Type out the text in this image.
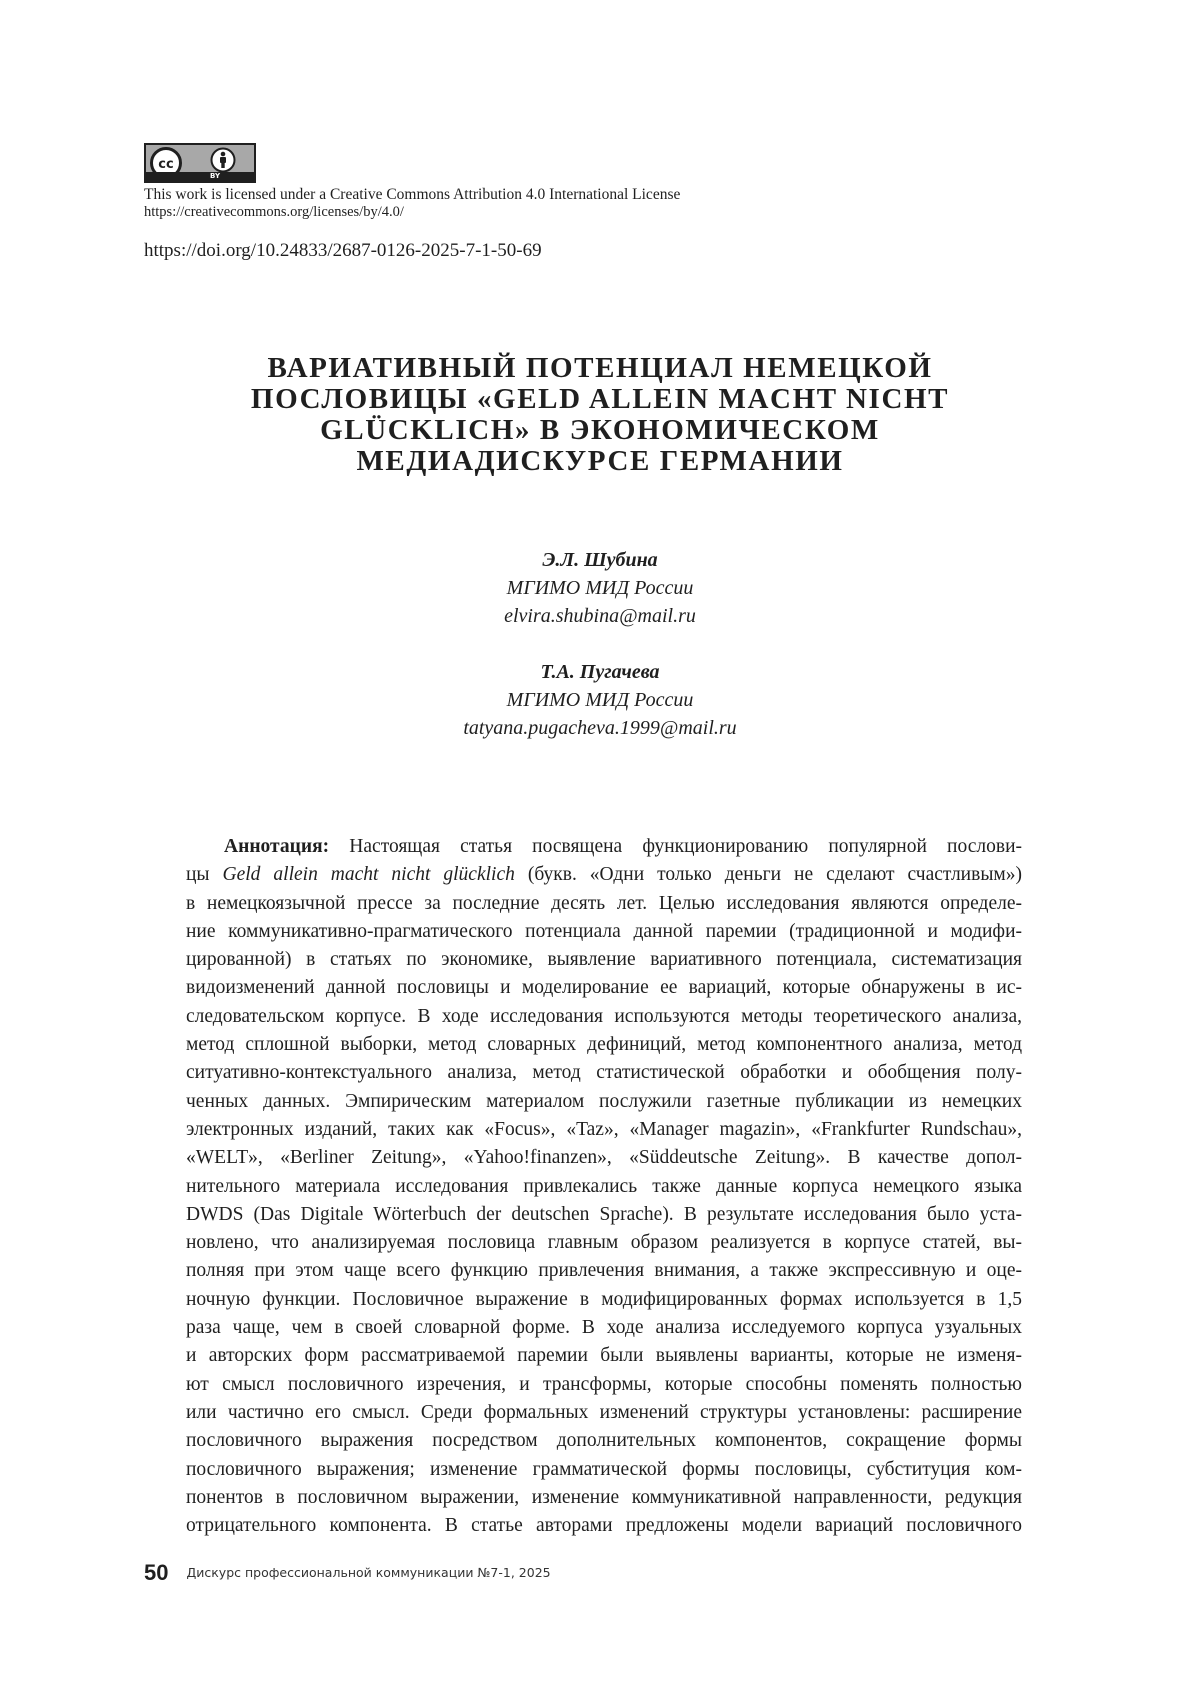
cc
BY
This work is licensed under a Creative Commons Attribution 4.0 International License
https://creativecommons.org/licenses/by/4.0/
https://doi.org/10.24833/2687-0126-2025-7-1-50-69
ВАРИАТИВНЫЙ ПОТЕНЦИАЛ НЕМЕЦКОЙ
ПОСЛОВИЦЫ «GELD ALLEIN MACHT NICHT
GLÜCKLICH» В ЭКОНОМИЧЕСКОМ
МЕДИАДИСКУРСЕ ГЕРМАНИИ
Э.Л. Шубина
МГИМО МИД России
elvira.shubina@mail.ru
Т.А. Пугачева
МГИМО МИД России
tatyana.pugacheva.1999@mail.ru
Аннотация: Настоящая статья посвящена функционированию популярной послови-
цы Geld allein macht nicht glücklich (букв. «Одни только деньги не сделают счастливым»)
в немецкоязычной прессе за последние десять лет. Целью исследования являются определе-
ние коммуникативно-прагматического потенциала данной паремии (традиционной и модифи-
цированной) в статьях по экономике, выявление вариативного потенциала, систематизация
видоизменений данной пословицы и моделирование ее вариаций, которые обнаружены в ис-
следовательском корпусе. В ходе исследования используются методы теоретического анализа,
метод сплошной выборки, метод словарных дефиниций, метод компонентного анализа, метод
ситуативно-контекстуального анализа, метод статистической обработки и обобщения полу-
ченных данных. Эмпирическим материалом послужили газетные публикации из немецких
электронных изданий, таких как «Focus», «Taz», «Manager magazin», «Frankfurter Rundschau»,
«WELT», «Berliner Zeitung», «Yahoo!finanzen», «Süddeutsche Zeitung». В качестве допол-
нительного материала исследования привлекались также данные корпуса немецкого языка
DWDS (Das Digitale Wörterbuch der deutschen Sprache). В результате исследования было уста-
новлено, что анализируемая пословица главным образом реализуется в корпусе статей, вы-
полняя при этом чаще всего функцию привлечения внимания, а также экспрессивную и оце-
ночную функции. Пословичное выражение в модифицированных формах используется в 1,5
раза чаще, чем в своей словарной форме. В ходе анализа исследуемого корпуса узуальных
и авторских форм рассматриваемой паремии были выявлены варианты, которые не изменя-
ют смысл пословичного изречения, и трансформы, которые способны поменять полностью
или частично его смысл. Среди формальных изменений структуры установлены: расширение
пословичного выражения посредством дополнительных компонентов, сокращение формы
пословичного выражения; изменение грамматической формы пословицы, субституция ком-
понентов в пословичном выражении, изменение коммуникативной направленности, редукция
отрицательного компонента. В статье авторами предложены модели вариаций пословичного
50 Дискурс профессиональной коммуникации №7-1, 2025
